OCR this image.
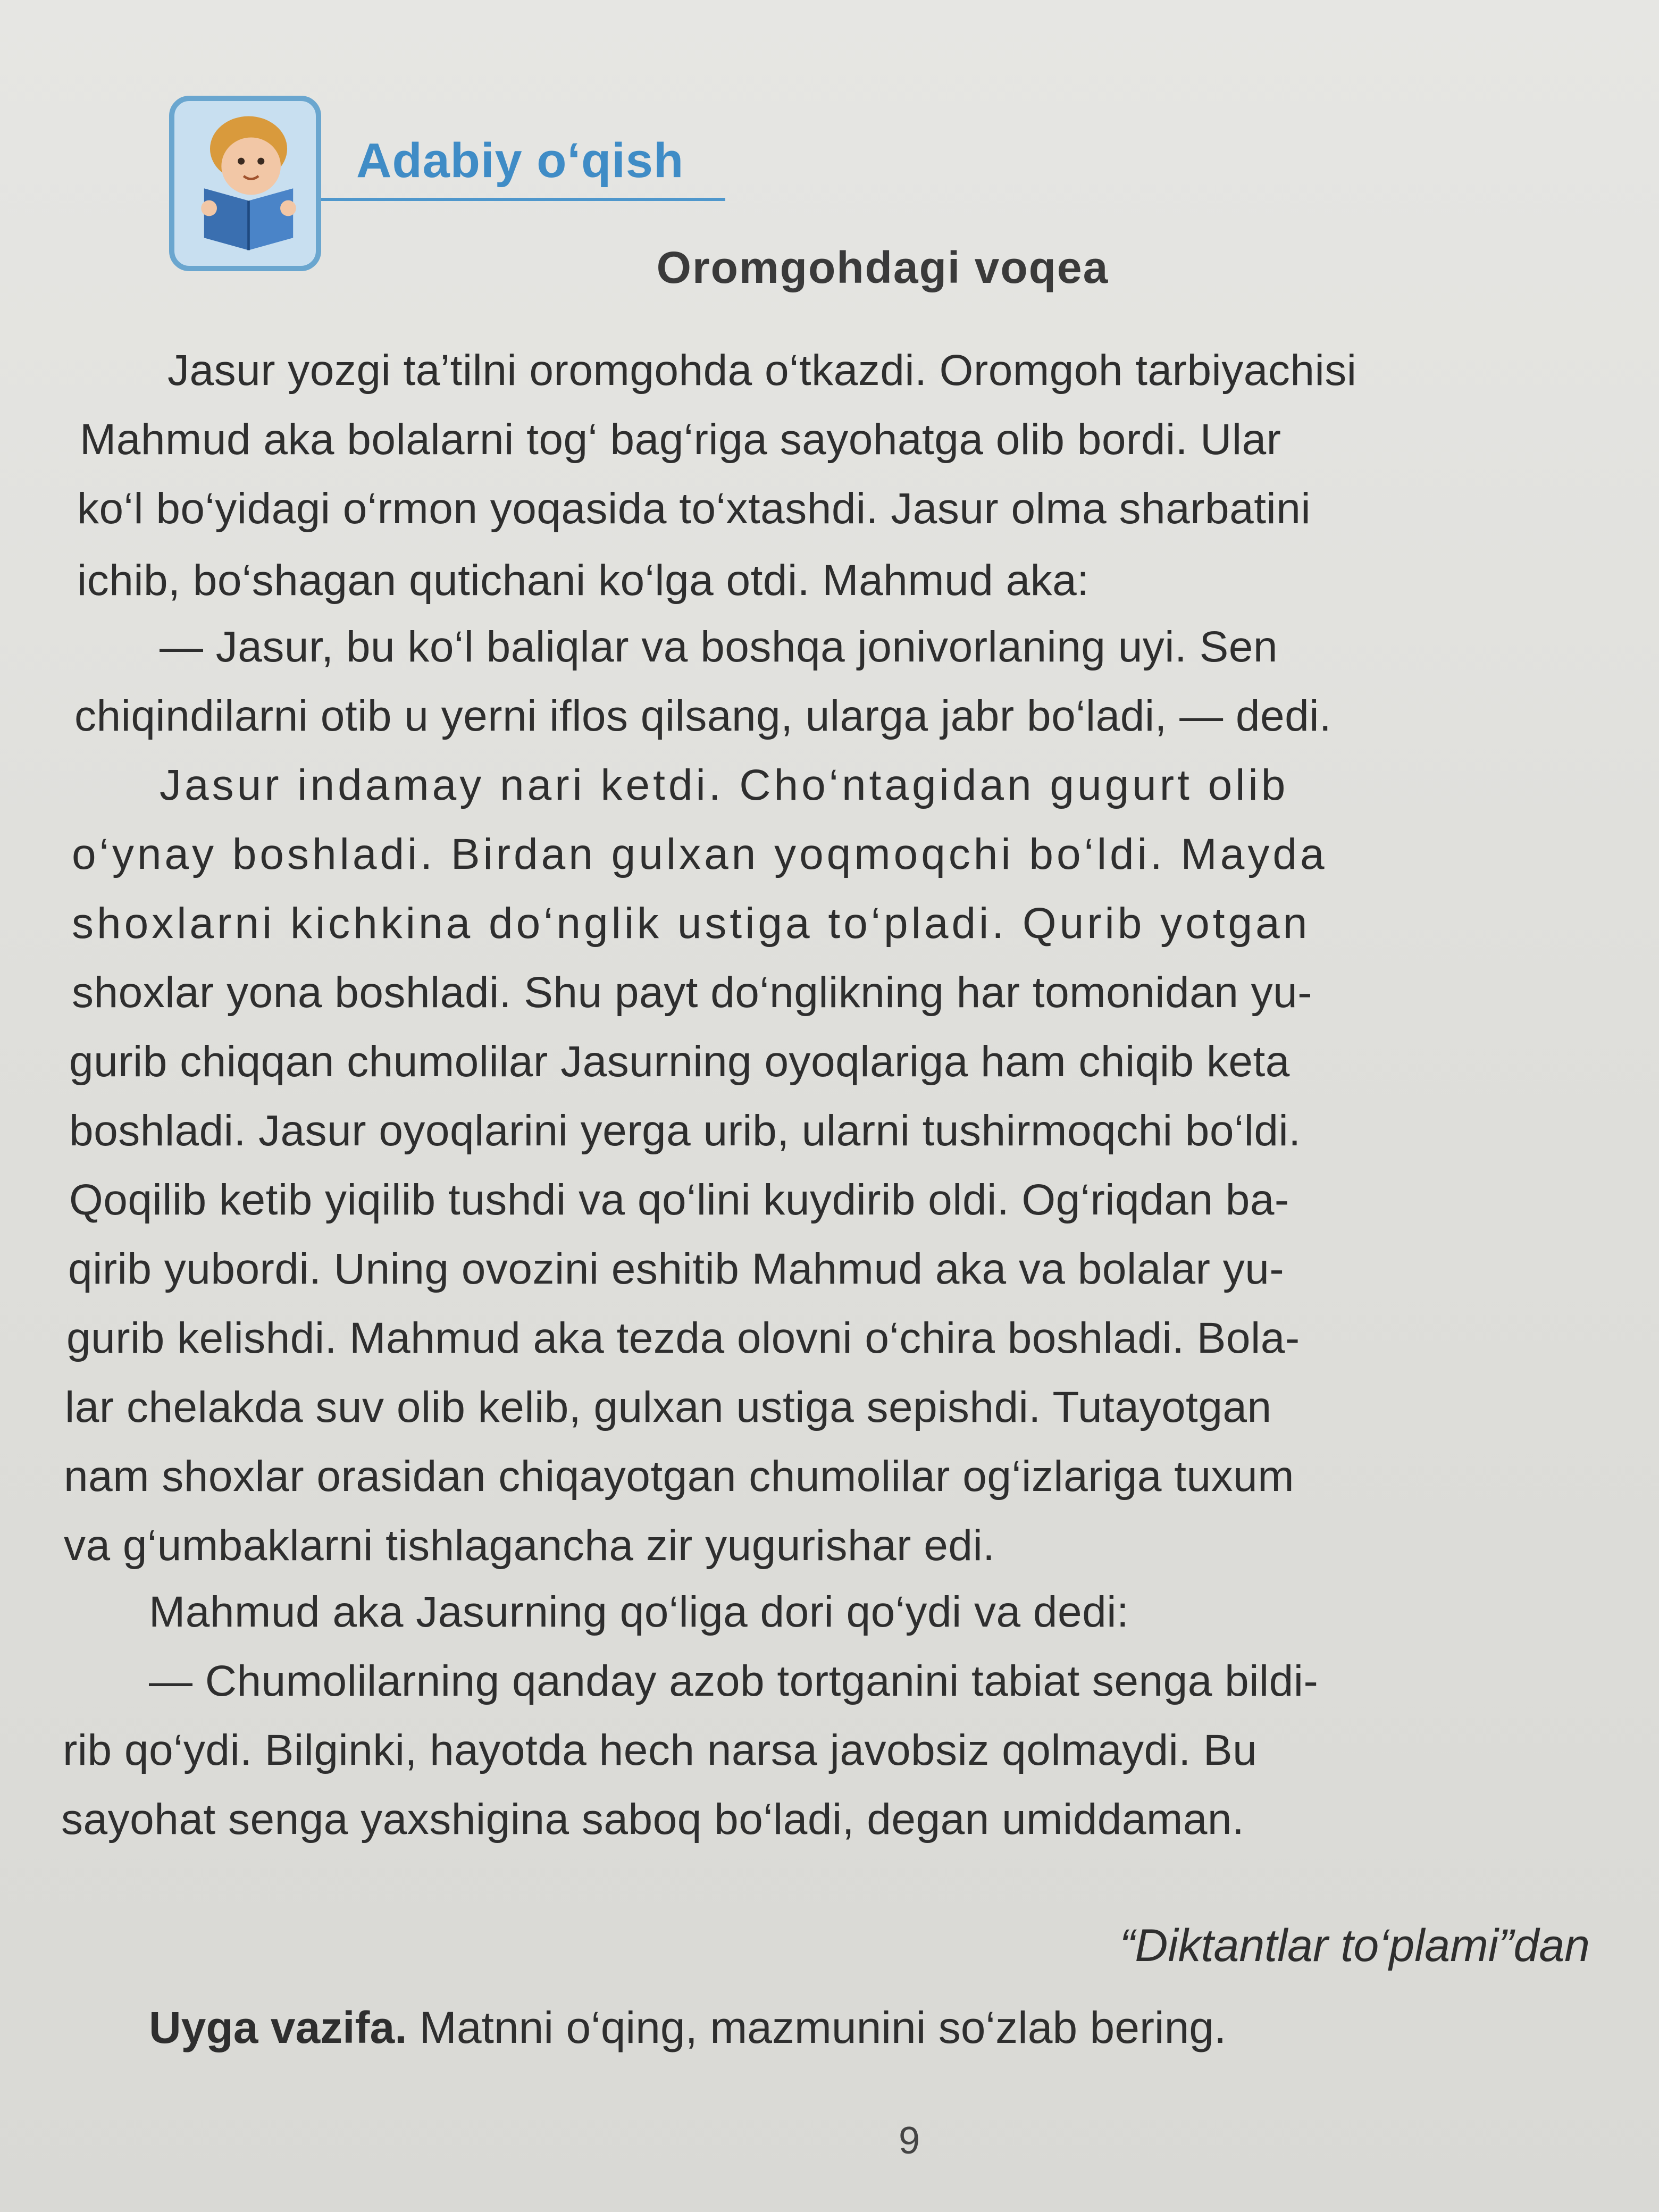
Adabiy o‘qish
Oromgohdagi voqea
Jasur yozgi ta’tilni oromgohda o‘tkazdi. Oromgoh tarbiyachisi
Mahmud aka bolalarni tog‘ bag‘riga sayohatga olib bordi. Ular
ko‘l bo‘yidagi o‘rmon yoqasida to‘xtashdi. Jasur olma sharbatini
ichib, bo‘shagan qutichani ko‘lga otdi. Mahmud aka:
— Jasur, bu ko‘l baliqlar va boshqa jonivorlaning uyi. Sen
chiqindilarni otib u yerni iflos qilsang, ularga jabr bo‘ladi, — dedi.
Jasur indamay nari ketdi. Cho‘ntagidan gugurt olib
o‘ynay boshladi. Birdan gulxan yoqmoqchi bo‘ldi. Mayda
shoxlarni kichkina do‘nglik ustiga to‘pladi. Qurib yotgan
shoxlar yona boshladi. Shu payt do‘nglikning har tomonidan yu-
gurib chiqqan chumolilar Jasurning oyoqlariga ham chiqib keta
boshladi. Jasur oyoqlarini yerga urib, ularni tushirmoqchi bo‘ldi.
Qoqilib ketib yiqilib tushdi va qo‘lini kuydirib oldi. Og‘riqdan ba-
qirib yubordi. Uning ovozini eshitib Mahmud aka va bolalar yu-
gurib kelishdi. Mahmud aka tezda olovni o‘chira boshladi. Bola-
lar chelakda suv olib kelib, gulxan ustiga sepishdi. Tutayotgan
nam shoxlar orasidan chiqayotgan chumolilar og‘izlariga tuxum
va g‘umbaklarni tishlagancha zir yugurishar edi.
Mahmud aka Jasurning qo‘liga dori qo‘ydi va dedi:
— Chumolilarning qanday azob tortganini tabiat senga bildi-
rib qo‘ydi. Bilginki, hayotda hech narsa javobsiz qolmaydi. Bu
sayohat senga yaxshigina saboq bo‘ladi, degan umiddaman.
“Diktantlar to‘plami”dan
Uyga vazifa. Matnni o‘qing, mazmunini so‘zlab bering.
9
